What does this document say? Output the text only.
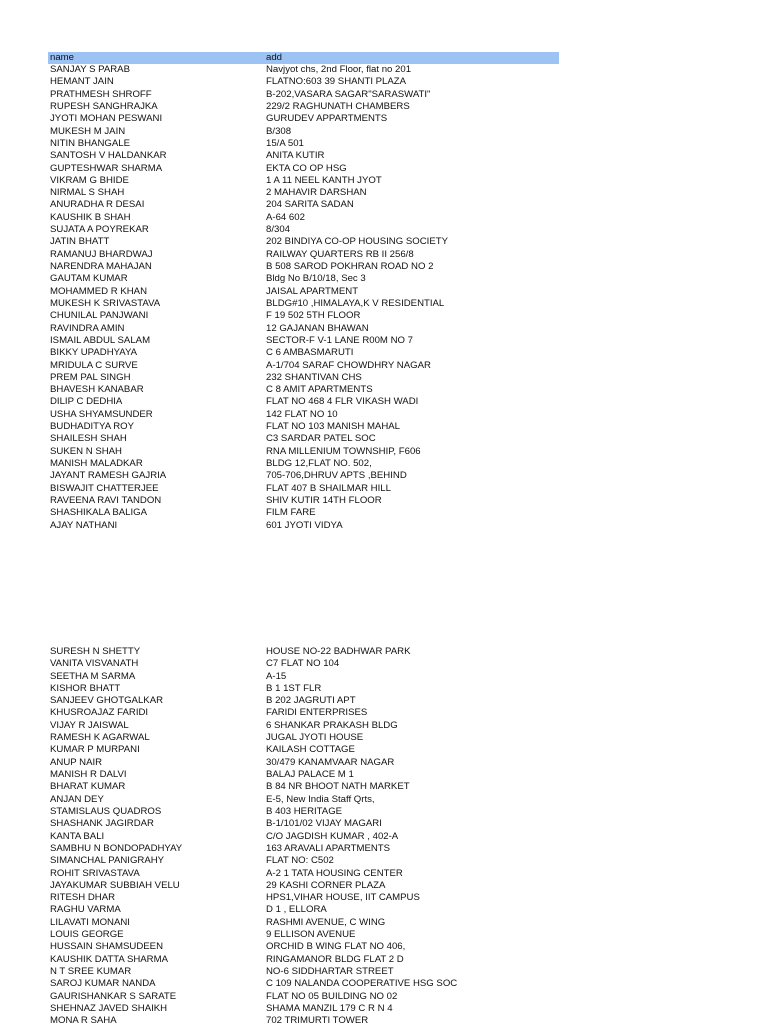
name	add
SANJAY S PARAB	Navjyot chs, 2nd Floor, flat no 201
HEMANT JAIN	FLATNO:603 39 SHANTI PLAZA
PRATHMESH SHROFF	B-202,VASARA SAGAR"SARASWATI"
RUPESH SANGHRAJKA	229/2 RAGHUNATH CHAMBERS
JYOTI MOHAN PESWANI	GURUDEV APPARTMENTS
MUKESH M JAIN	B/308
NITIN BHANGALE	15/A 501
SANTOSH V HALDANKAR	ANITA KUTIR
GUPTESHWAR SHARMA	EKTA CO OP HSG
VIKRAM G BHIDE	1 A 11 NEEL KANTH JYOT
NIRMAL S SHAH	2 MAHAVIR DARSHAN
ANURADHA R DESAI	204 SARITA SADAN
KAUSHIK B SHAH	A-64 602
SUJATA A POYREKAR	8/304
JATIN BHATT	202 BINDIYA CO-OP HOUSING SOCIETY
RAMANUJ BHARDWAJ	RAILWAY QUARTERS RB II 256/8
NARENDRA MAHAJAN	B 508 SAROD POKHRAN ROAD NO 2
GAUTAM KUMAR	Bldg No B/10/18, Sec 3
MOHAMMED R KHAN	JAISAL APARTMENT
MUKESH K SRIVASTAVA	BLDG#10 ,HIMALAYA,K V RESIDENTIAL
CHUNILAL PANJWANI	F 19 502 5TH FLOOR
RAVINDRA AMIN	12 GAJANAN BHAWAN
ISMAIL ABDUL SALAM	SECTOR-F V-1 LANE R00M NO 7
BIKKY UPADHYAYA	C 6 AMBASMARUTI
MRIDULA C SURVE	A-1/704 SARAF CHOWDHRY NAGAR
PREM PAL SINGH	232 SHANTIVAN CHS
BHAVESH KANABAR	C 8 AMIT APARTMENTS
DILIP C DEDHIA	FLAT NO 468 4 FLR VIKASH WADI
USHA SHYAMSUNDER	142 FLAT NO 10
BUDHADITYA ROY	FLAT NO 103 MANISH MAHAL
SHAILESH SHAH	C3 SARDAR PATEL SOC
SUKEN N SHAH	RNA MILLENIUM TOWNSHIP, F606
MANISH MALADKAR	BLDG 12,FLAT NO. 502,
JAYANT RAMESH GAJRIA	705-706,DHRUV APTS ,BEHIND
BISWAJIT CHATTERJEE	FLAT 407 B SHAILMAR HILL
RAVEENA RAVI TANDON	SHIV KUTIR 14TH FLOOR
SHASHIKALA BALIGA	FILM FARE
AJAY NATHANI	601 JYOTI VIDYA
SURESH N SHETTY	HOUSE NO-22 BADHWAR PARK
VANITA VISVANATH	C7 FLAT NO 104
SEETHA M SARMA	A-15
KISHOR BHATT	B 1 1ST FLR
SANJEEV GHOTGALKAR	B 202 JAGRUTI APT
KHUSROAJAZ FARIDI	FARIDI ENTERPRISES
VIJAY R JAISWAL	6 SHANKAR PRAKASH BLDG
RAMESH K AGARWAL	JUGAL JYOTI HOUSE
KUMAR P MURPANI	KAILASH COTTAGE
ANUP NAIR	30/479 KANAMVAAR NAGAR
MANISH R DALVI	BALAJ PALACE M 1
BHARAT KUMAR	B 84 NR BHOOT NATH MARKET
ANJAN DEY	E-5, New India Staff Qrts,
STAMISLAUS QUADROS	B 403 HERITAGE
SHASHANK JAGIRDAR	B-1/101/02 VIJAY MAGARI
KANTA BALI	C/O JAGDISH KUMAR , 402-A
SAMBHU N BONDOPADHYAY	163 ARAVALI APARTMENTS
SIMANCHAL PANIGRAHY	FLAT NO: C502
ROHIT SRIVASTAVA	A-2 1 TATA HOUSING CENTER
JAYAKUMAR SUBBIAH VELU	29 KASHI CORNER PLAZA
RITESH DHAR	HPS1,VIHAR HOUSE, IIT CAMPUS
RAGHU VARMA	D 1 , ELLORA
LILAVATI MONANI	RASHMI AVENUE, C WING
LOUIS GEORGE	9 ELLISON AVENUE
HUSSAIN SHAMSUDEEN	ORCHID B WING FLAT NO 406,
KAUSHIK DATTA SHARMA	RINGAMANOR BLDG FLAT 2 D
N T SREE KUMAR	NO-6 SIDDHARTAR STREET
SAROJ KUMAR NANDA	C 109 NALANDA COOPERATIVE HSG SOC
GAURISHANKAR S SARATE	FLAT NO 05 BUILDING NO 02
SHEHNAZ JAVED SHAIKH	SHAMA MANZIL 179 C R N 4
MONA R SAHA	702 TRIMURTI TOWER
